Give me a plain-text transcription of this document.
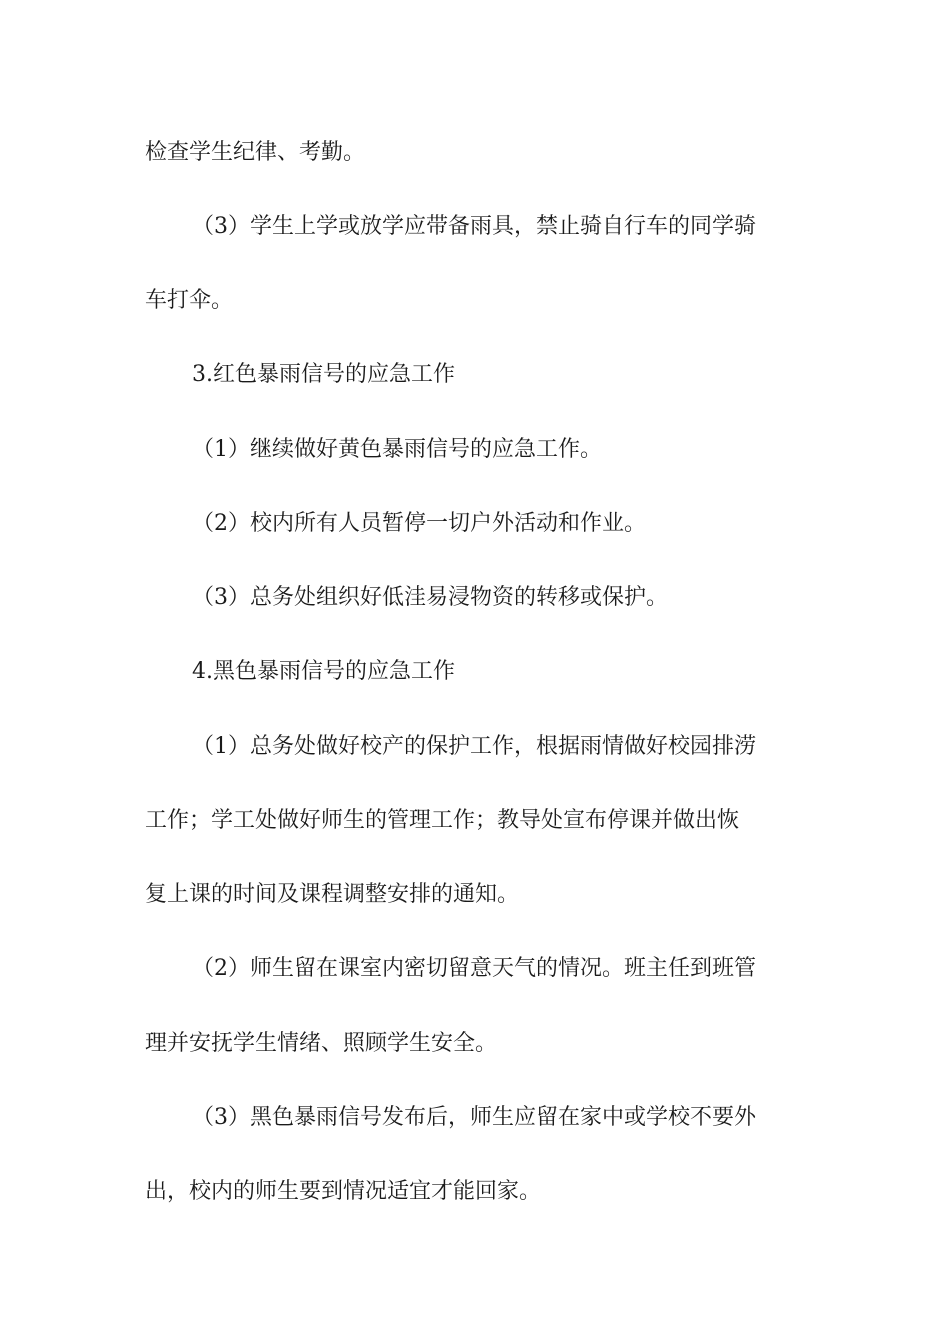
检查学生纪律、考勤。
（3）学生上学或放学应带备雨具，禁止骑自行车的同学骑
车打伞。
3.红色暴雨信号的应急工作
（1）继续做好黄色暴雨信号的应急工作。
（2）校内所有人员暂停一切户外活动和作业。
（3）总务处组织好低洼易浸物资的转移或保护。
4.黑色暴雨信号的应急工作
（1）总务处做好校产的保护工作，根据雨情做好校园排涝
工作；学工处做好师生的管理工作；教导处宣布停课并做出恢
复上课的时间及课程调整安排的通知。
（2）师生留在课室内密切留意天气的情况。班主任到班管
理并安抚学生情绪、照顾学生安全。
（3）黑色暴雨信号发布后，师生应留在家中或学校不要外
出，校内的师生要到情况适宜才能回家。
